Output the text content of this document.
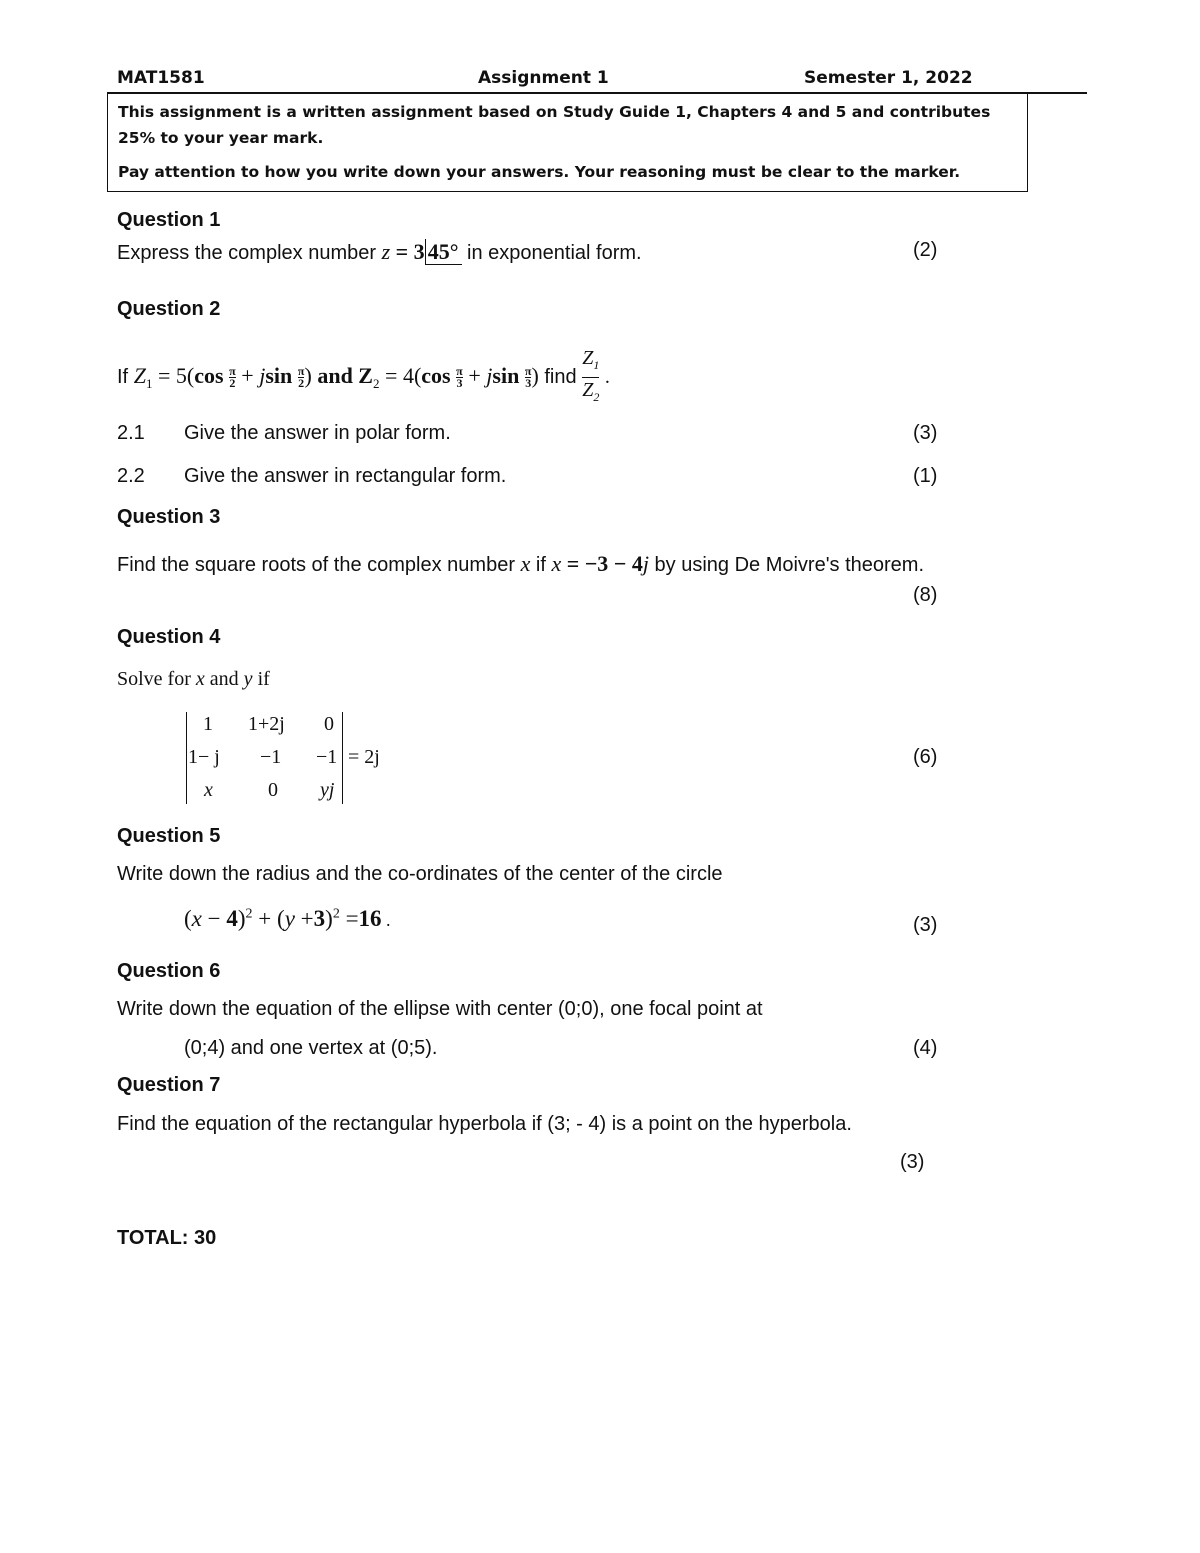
MAT1581	Assignment 1	Semester 1, 2022

This assignment is a written assignment based on Study Guide 1, Chapters 4 and 5 and contributes 25% to your year mark.

Pay attention to how you write down your answers. Your reasoning must be clear to the marker.

Question 1
Express the complex number z = 3 45° in exponential form.	(2)
Question 2
If $Z_1 = 5(\cos \frac{\pi}{2} + jsin \frac{\pi}{2}$ ) and $Z_2 = 4(\cos \frac{\pi}{3} + jsin \frac{\pi}{3}$ ) find $\frac{Z_1}{Z_2}$ .
2.1 Give the answer in polar form.	(3)
2.2 Give the answer in rectangular form.	(1)
Question 3
Find the square roots of the complex number x if x = −3 − 4j by using De Moivre's theorem.
(8)
Question 4
Solve for x and y if
1 1+2j 0
1− j −1 −1
x	0 yj
= 2j	(6)
Question 5
Write down the radius and the co-ordinates of the center of the circle
$(x - 4)^2 + (y +3)^2 =16$ .	(3)
Question 6
Write down the equation of the ellipse with center (0;0), one focal point at
(0;4) and one vertex at (0;5).	(4)
Question 7
Find the equation of the rectangular hyperbola if (3; - 4) is a point on the hyperbola.
(3)
TOTAL: 30
